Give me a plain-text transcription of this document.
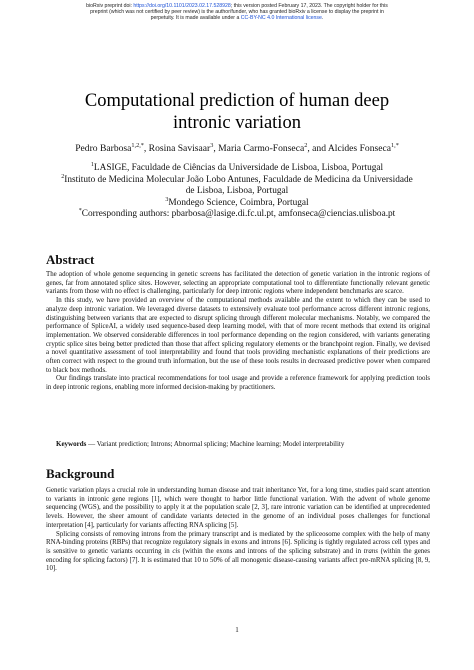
bioRxiv preprint doi: https://doi.org/10.1101/2023.02.17.528928; this version posted February 17, 2023. The copyright holder for this
preprint (which was not certified by peer review) is the author/funder, who has granted bioRxiv a license to display the preprint in
perpetuity. It is made available under a CC-BY-NC 4.0 International license.
Computational prediction of human deep
intronic variation
Pedro Barbosa$^{1,2,*}$, Rosina Savisaar$^3$, Maria Carmo-Fonseca$^2$, and Alcides Fonseca$^{1,*}$
$^1$LASIGE, Faculdade de Ciências da Universidade de Lisboa, Lisboa, Portugal
$^2$Instituto de Medicina Molecular João Lobo Antunes, Faculdade de Medicina da Universidade
de Lisboa, Lisboa, Portugal
$^3$Mondego Science, Coimbra, Portugal
*Corresponding authors: pbarbosa@lasige.di.fc.ul.pt, amfonseca@ciencias.ulisboa.pt
Abstract

The adoption of whole genome sequencing in genetic screens has facilitated the detection of genetic variation in the intronic regions of genes, far from annotated splice sites. However, selecting an appropriate computational tool to differentiate functionally relevant genetic variants from those with no effect is challenging, particularly for deep intronic regions where independent benchmarks are scarce.

In this study, we have provided an overview of the computational methods available and the extent to which they can be used to analyze deep intronic variation. We leveraged diverse datasets to extensively evaluate tool performance across different intronic regions, distinguishing between variants that are expected to disrupt splicing through different molecular mechanisms. Notably, we compared the performance of SpliceAI, a widely used sequence-based deep learning model, with that of more recent methods that extend its original implementation. We observed considerable differences in tool performance depending on the region considered, with variants generating cryptic splice sites being better predicted than those that affect splicing regulatory elements or the branchpoint region. Finally, we devised a novel quantitative assessment of tool interpretability and found that tools providing mechanistic explanations of their predictions are often correct with respect to the ground truth information, but the use of these tools results in decreased predictive power when compared to black box methods.

Our findings translate into practical recommendations for tool usage and provide a reference framework for applying prediction tools in deep intronic regions, enabling more informed decision-making by practitioners.

Keywords — Variant prediction; Introns; Abnormal splicing; Machine learning; Model interpretability
Background

Genetic variation plays a crucial role in understanding human disease and trait inheritance Yet, for a long time, studies paid scant attention to variants in intronic gene regions [1], which were thought to harbor little functional variation. With the advent of whole genome sequencing (WGS), and the possibility to apply it at the population scale [2, 3], rare intronic variation can be identified at unprecedented levels. However, the sheer amount of candidate variants detected in the genome of an individual poses challenges for functional interpretation [4], particularly for variants affecting RNA splicing [5].

Splicing consists of removing introns from the primary transcript and is mediated by the spliceosome complex with the help of many RNA-binding proteins (RBPs) that recognize regulatory signals in exons and introns [6]. Splicing is tightly regulated across cell types and is sensitive to genetic variants occurring in cis (within the exons and introns of the splicing substrate) and in trans (within the genes encoding for splicing factors) [7]. It is estimated that 10 to 50% of all monogenic disease-causing variants affect pre-mRNA splicing [8, 9, 10].

1
